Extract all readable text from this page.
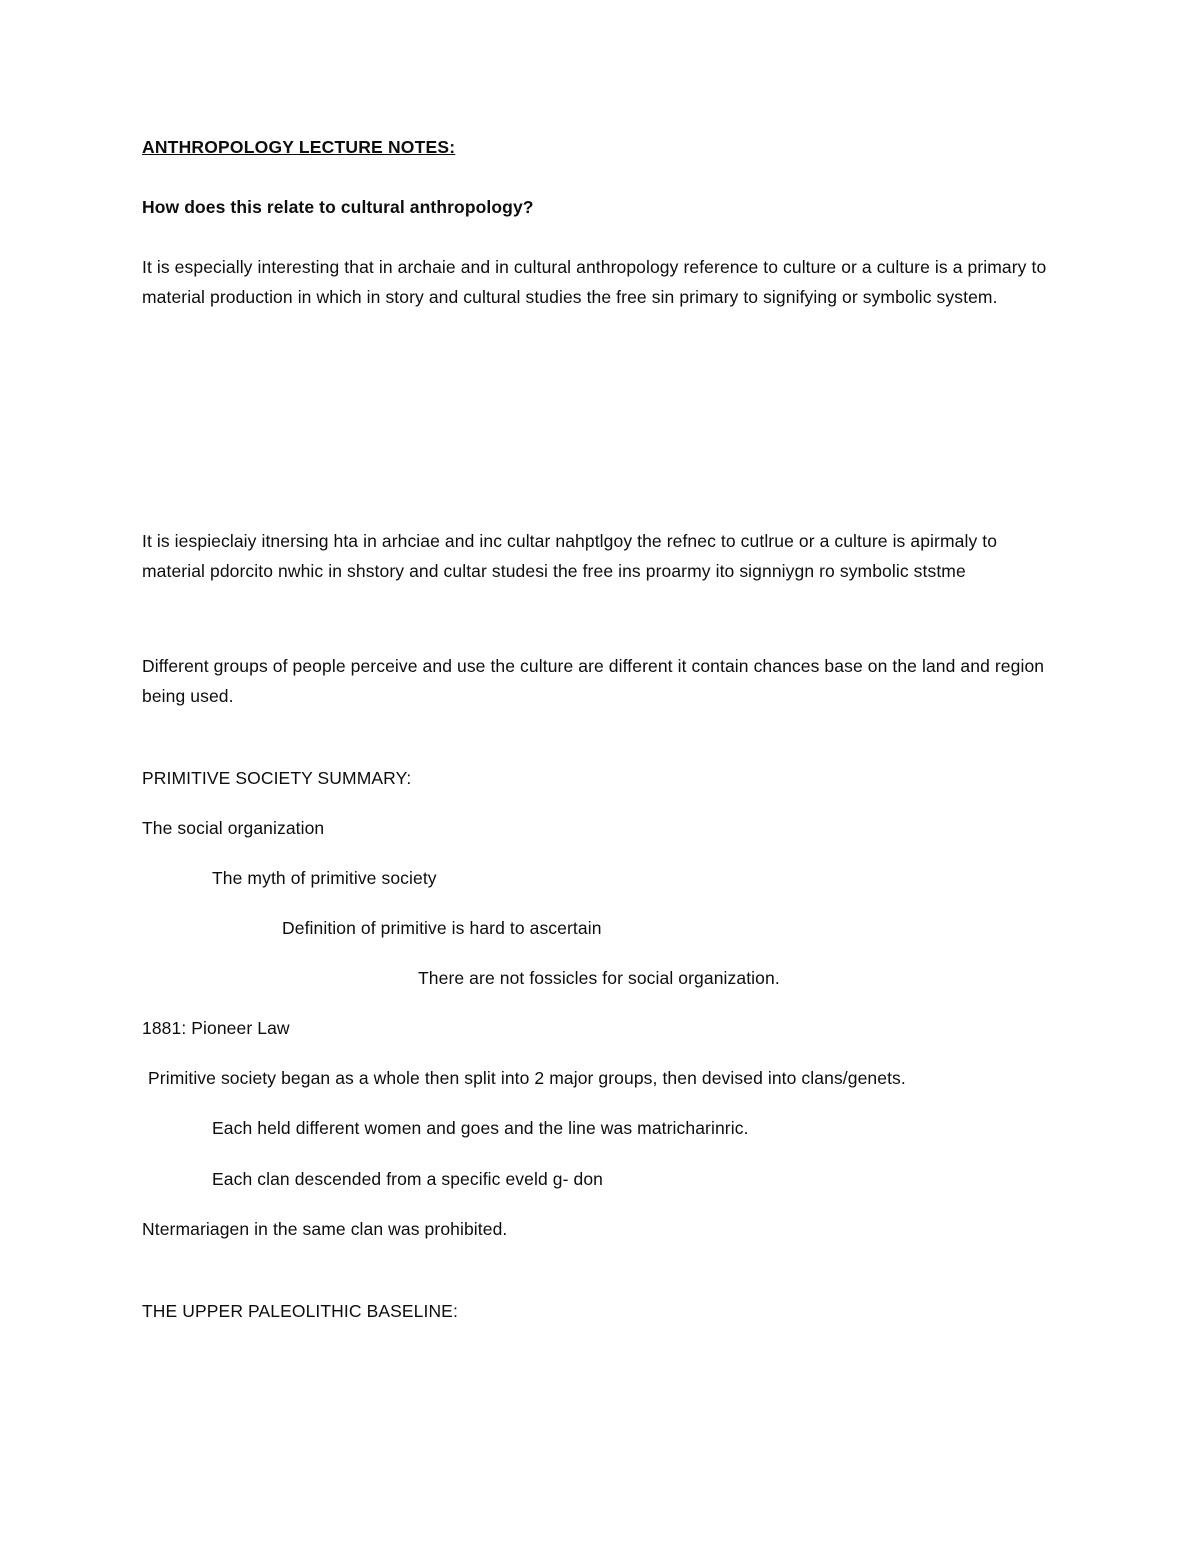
ANTHROPOLOGY LECTURE NOTES:

How does this relate to cultural anthropology?

It is especially interesting that in archaie and in cultural anthropology reference to culture or a culture is a primary to material production in which in story and cultural studies the free sin primary to signifying or symbolic system.

It is iespieclaiy itnersing hta in arhciae and inc cultar nahptlgoy the refnec to cutlrue or a culture is apirmaly to material pdorcito nwhic in shstory and cultar studesi the free ins proarmy ito signniygn ro symbolic ststme

Different groups of people perceive and use the culture are different it contain chances base on the land and region being used.

PRIMITIVE SOCIETY SUMMARY:

The social organization

The myth of primitive society

Definition of primitive is hard to ascertain

There are not fossicles for social organization.

1881: Pioneer Law

Primitive society began as a whole then split into 2 major groups, then devised into clans/genets.

Each held different women and goes and the line was matricharinric.

Each clan descended from a specific eveld g- don

Ntermariagen in the same clan was prohibited.

THE UPPER PALEOLITHIC BASELINE:
